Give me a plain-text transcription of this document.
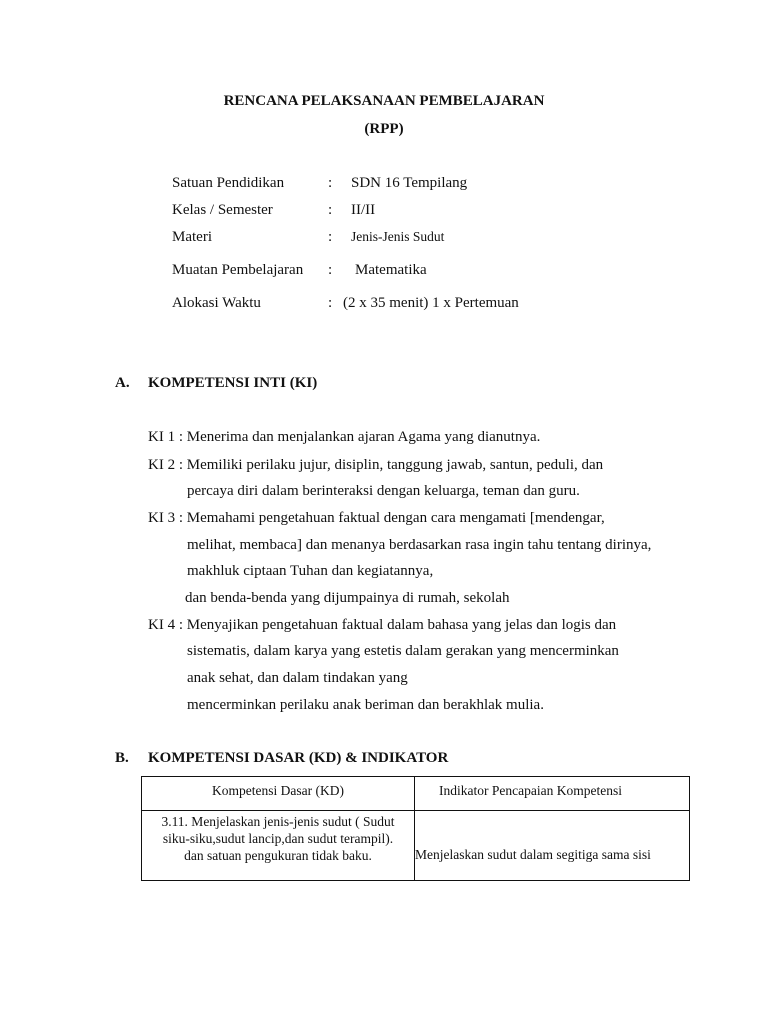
RENCANA PELAKSANAAN PEMBELAJARAN
(RPP)
Satuan Pendidikan	: SDN 16 Tempilang
Kelas / Semester	: II/II
Materi	: Jenis-Jenis Sudut
Muatan Pembelajaran : Matematika
Alokasi Waktu	: (2 x 35 menit) 1 x Pertemuan
A. KOMPETENSI INTI (KI)
KI 1 : Menerima dan menjalankan ajaran Agama yang dianutnya.
KI 2 : Memiliki perilaku jujur, disiplin, tanggung jawab, santun, peduli, dan
percaya diri dalam berinteraksi dengan keluarga, teman dan guru.
KI 3 : Memahami pengetahuan faktual dengan cara mengamati [mendengar,
melihat, membaca] dan menanya berdasarkan rasa ingin tahu tentang dirinya,
makhluk ciptaan Tuhan dan kegiatannya,
dan benda-benda yang dijumpainya di rumah, sekolah
KI 4 : Menyajikan pengetahuan faktual dalam bahasa yang jelas dan logis dan
sistematis, dalam karya yang estetis dalam gerakan yang mencerminkan
anak sehat, dan dalam tindakan yang
mencerminkan perilaku anak beriman dan berakhlak mulia.
B. KOMPETENSI DASAR (KD) & INDIKATOR
Kompetensi Dasar (KD)	Indikator Pencapaian Kompetensi

3.11. Menjelaskan jenis-jenis sudut ( Sudut
siku-siku,sudut lancip,dan sudut terampil).
dan satuan pengukuran tidak baku.	Menjelaskan sudut dalam segitiga sama sisi
